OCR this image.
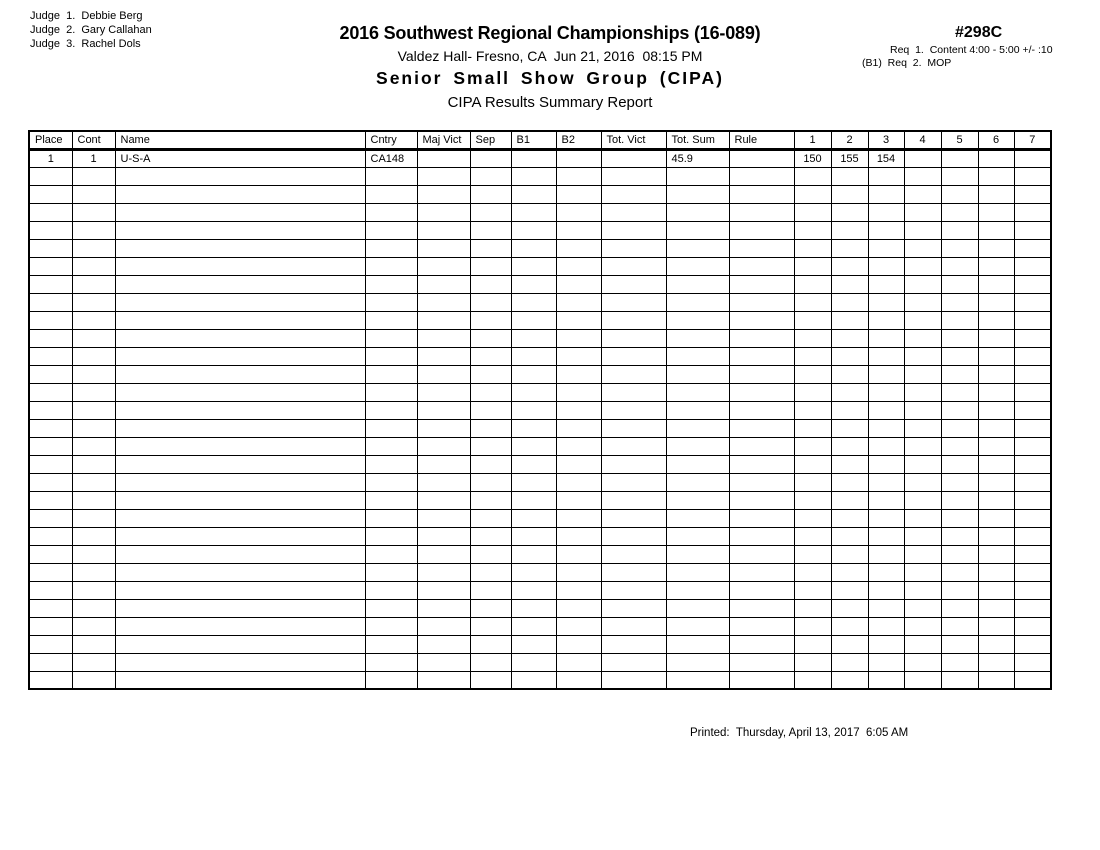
Judge  1.  Debbie Berg
Judge  2.  Gary Callahan
Judge  3.  Rachel Dols
2016 Southwest Regional Championships (16-089)
Valdez Hall- Fresno, CA  Jun 21, 2016  08:15 PM
Senior Small Show Group (CIPA)
CIPA Results Summary Report
#298C
Req  1.  Content 4:00 - 5:00 +/- :10
(B1)  Req  2.  MOP
Place	Cont	Name	Cntry	Maj Vict	Sep	B1	B2	Tot. Vict	Tot. Sum	Rule	1	2	3	4	5	6	7
1	1	U-S-A	CA148						45.9		150	155	154				

Printed:  Thursday, April 13, 2017  6:05 AM
